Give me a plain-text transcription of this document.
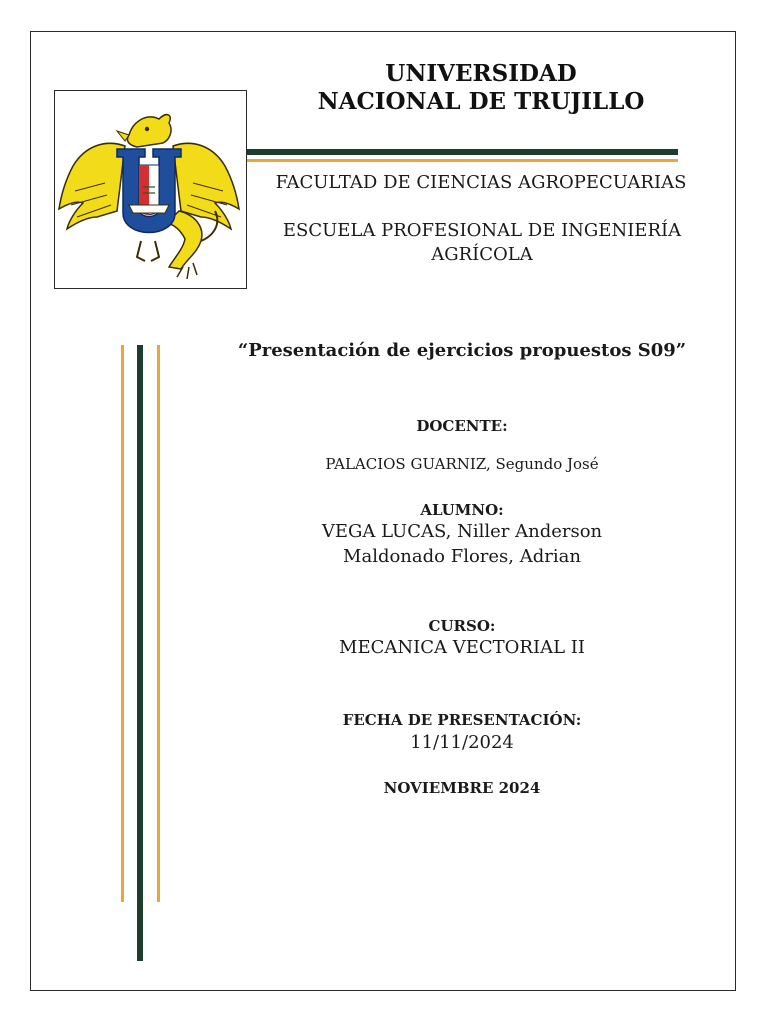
UNIVERSIDAD
NACIONAL DE TRUJILLO
FACULTAD DE CIENCIAS AGROPECUARIAS
ESCUELA PROFESIONAL DE INGENIERÍA
AGRÍCOLA
“Presentación de ejercicios propuestos S09”
DOCENTE:
PALACIOS GUARNIZ, Segundo José
ALUMNO:
VEGA LUCAS, Niller Anderson
Maldonado Flores, Adrian
CURSO:
MECANICA VECTORIAL II
FECHA DE PRESENTACIÓN:
11/11/2024
NOVIEMBRE 2024
